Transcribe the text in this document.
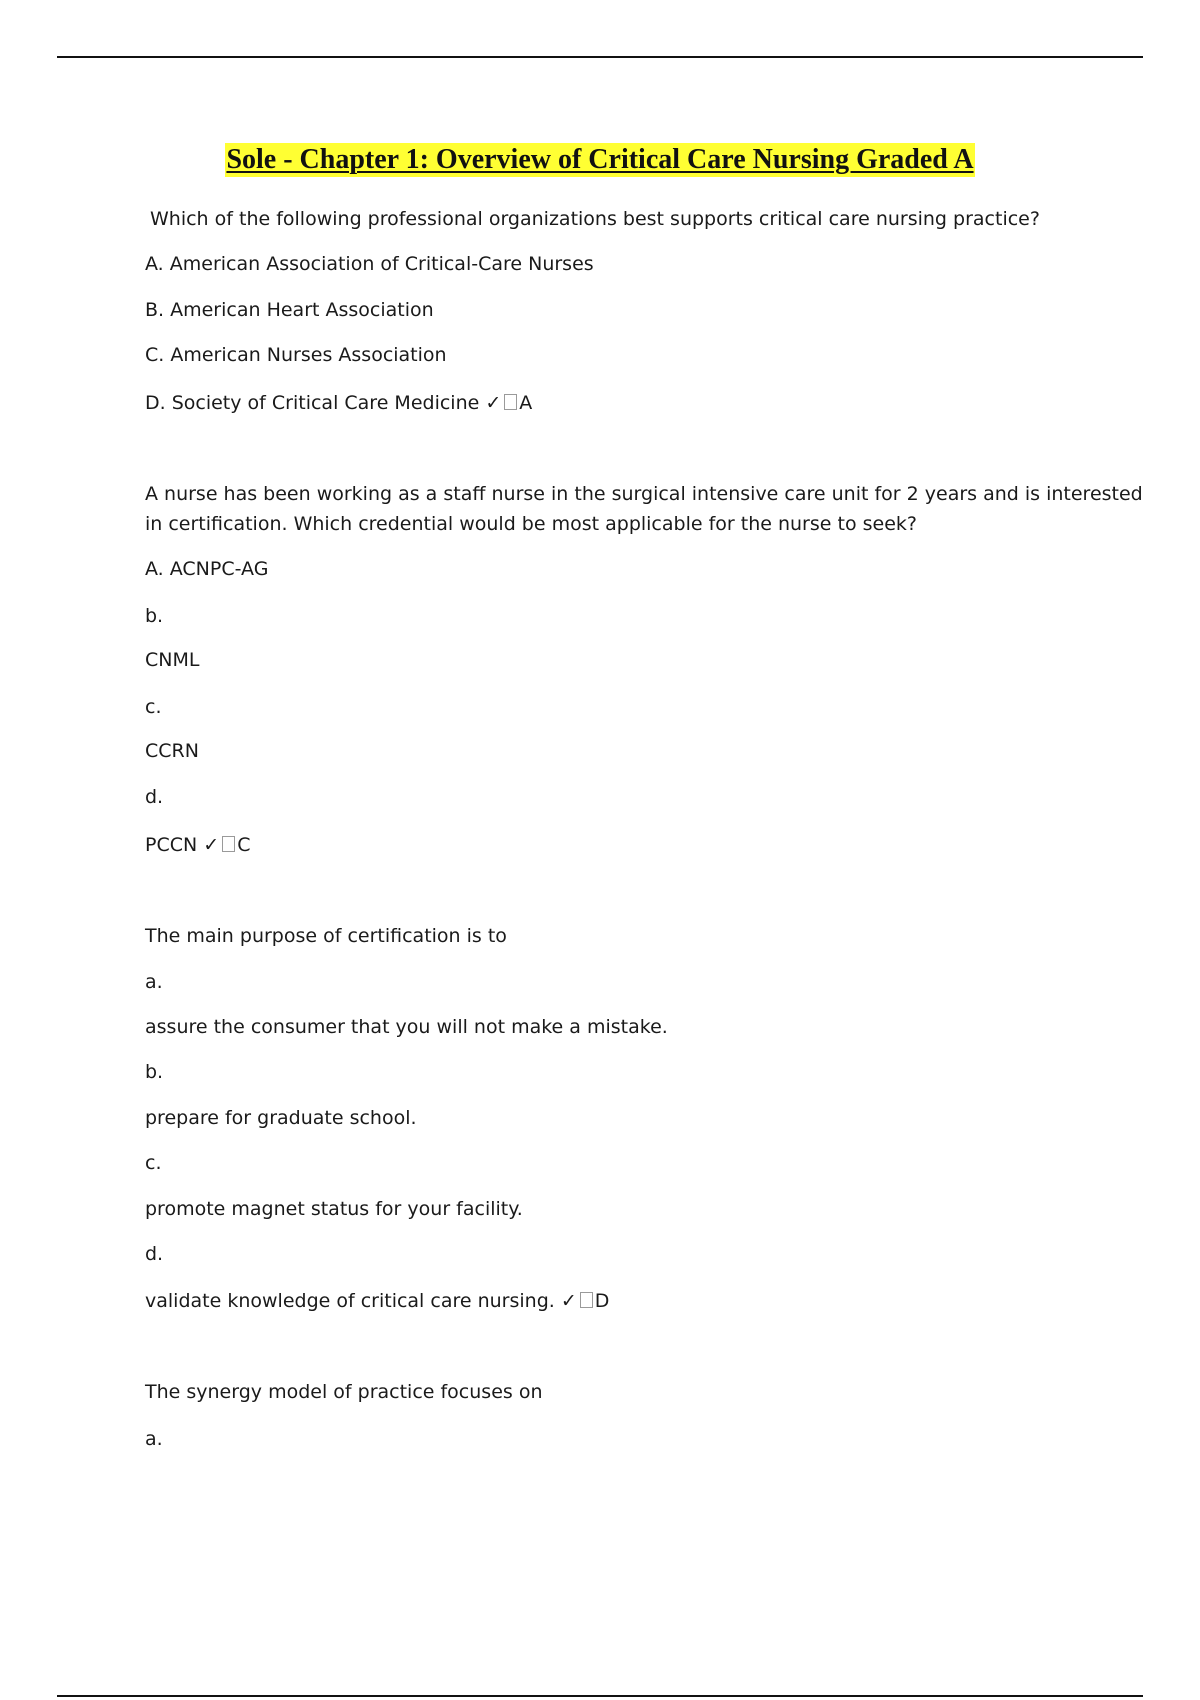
Sole - Chapter 1: Overview of Critical Care Nursing Graded A
Which of the following professional organizations best supports critical care nursing practice?
A. American Association of Critical-Care Nurses
B. American Heart Association
C. American Nurses Association
D. Society of Critical Care Medicine ✓ A
A nurse has been working as a staff nurse in the surgical intensive care unit for 2 years and is interested
in certification. Which credential would be most applicable for the nurse to seek?
A. ACNPC-AG
b.
CNML
c.
CCRN
d.
PCCN ✓ C
The main purpose of certification is to
a.
assure the consumer that you will not make a mistake.
b.
prepare for graduate school.
c.
promote magnet status for your facility.
d.
validate knowledge of critical care nursing. ✓ D
The synergy model of practice focuses on
a.
